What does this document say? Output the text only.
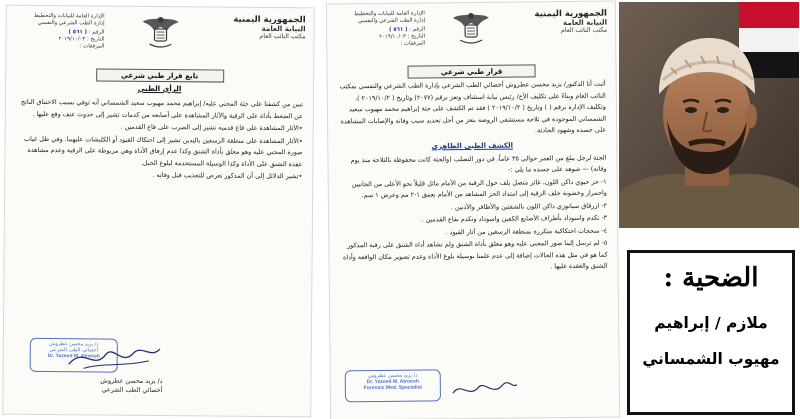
الجمهورية اليمنية
النيابة العامة
مكتب النائب العام
الإدارة العامة للنيابات والتخطيط
إدارة الطب الشرعي والنفسي
الرقم : ( ٥٦١ )
التاريخ : ٢٠١٩/١٠/٠٣
المرفقات :
تابع قرار طبي شرعي
الرأي الطبي

تبين من كشفنا على جثة المجني عليه/ إبراهيم محمد مهيوب سعيد الشمساني أنه توفي بسبب الاختناق الناتج عن الضغط بأداة على الرقبة والآثار المشاهدة على أصابعه من كدمات تشير إلى حدوث عنف وقع عليها .

• الآثار المشاهدة على قاع قدميه تشير إلى الضرب على قاع القدمين .

• الآثار المشاهدة على منطقة الرسغين باليدين تشير إلى احتكاك القيود أو الكلبشات عليهما. وفي ظل غياب صورة المجني عليه وهو معلق بأداة الشنق وكذا عدم إرفاق الأداة وهي مربوطة على الرقبة وعدم مشاهدة عقدة الشنق على الأداة وكذا الوسيلة المستخدمة لبلوغ الحبل.

• تشير الدلائل إلى أن المذكور تعرض للتعذيب قبل وفاته .

د/ يزيد محسن عطروش
أخصائي الطب الشرعي
Dr. Yazeed M. Atroosh
د/ يزيد محسن عطروش
أخصائي الطب الشرعي
الجمهورية اليمنية
النيابة العامة
مكتب النائب العام
الإدارة العامة للنيابات والتخطيط
إدارة الطب الشرعي والنفسي
الرقم : ( ٥٦١ )
التاريخ : ٢٠١٩/١٠/٠٣
المرفقات :
قرار طبي شرعي

أثبت أنا الدكتور/ يزيد محسن عطروش أخصائي الطب الشرعي بإدارة الطب الشرعي والنفسي بمكتب النائب العام وبناءً على تكليف الأخ/ رئيس نيابة استئناف وتعز برقم (٢٠٧٧) وتاريخ ( ٢٠١٩/١٠/٢ )، وتكليف الإدارة برقم ( ) وتاريخ ( ٢٠١٩/١٠/٢ ) فقد تم الكشف على جثة إبراهيم محمد مهيوب سعيد الشمساني الموجودة في ثلاجة مستشفى الروضة بتعز من أجل تحديد سبب وفاته والإصابات المشاهدة على جسده وشهود الحادثة.

الكشف الطبي الظاهري

الجثة لرجل يبلغ من العمر حوالي ٣٥ عاماً، في دور التصلب (والجثة كانت محفوظة بالثلاجة منذ يوم وفاته) — شوهد على جسده ما يلي :-

١- حز حيوي داكن اللون، غائر متصل يلف حول الرقبة من الأمام مائل قليلاً نحو الأعلى من الجانبين واحمرار وخشونة خلف الرقبة إلى امتداد الحز المشاهد من الأمام بعمق ١-٢ مم وعرض ١ سم.

٢- ازرقاق سيانوزي داكن اللون بالشفتين والأظافر والأذنين .

٣- تكدم واسوداد بأطراف الأصابع الكفين واسوداد وتكدم بقاع القدمين .

٤- سحجات احتكاكية متكررة بمنطقة الرسغين من آثار القيود .

٥- لم ترسل إلينا صور المجني عليه وهو معلق بأداة الشنق ولم تشاهد أداة الشنق على رقبة المذكور كما هو في مثل هذه الحالات إضافة إلى عدم علمنا بوسيلة بلوغ الأداة وعدم تصوير مكان الواقعة وأداة الشنق والعقدة عليها .

د/ يزيد محسن عطروش
Dr. Yazeed M. Atroosh
Forensic Med. Specialist
الضحية :
ملازم / إبراهيم مهيوب الشمساني
